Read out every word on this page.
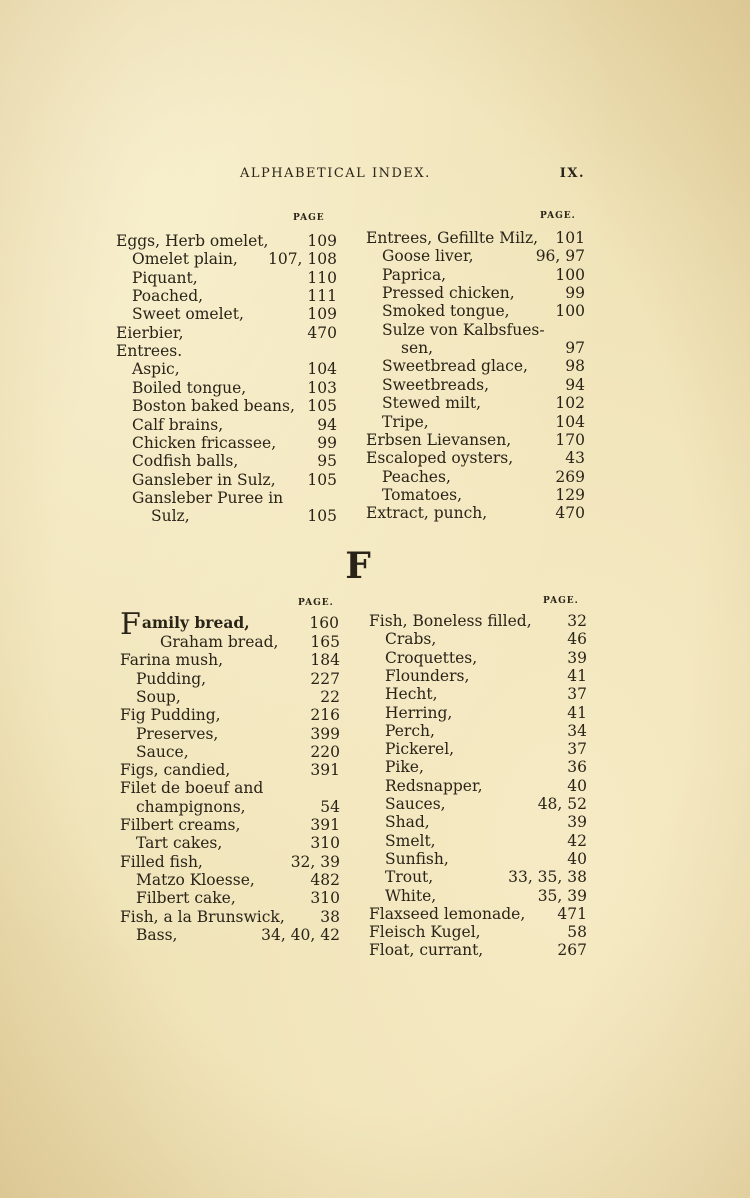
ALPHABETICAL INDEX.	IX.
PAGE	PAGE.
Eggs, Herb omelet,	109
Omelet plain, 107, 108
Piquant,	110
Poached,	111
Sweet omelet,	109
Eierbier,	470
Entrees.
Aspic,	104
Boiled tongue,	103
Boston baked beans, 105
Calf brains,	94
Chicken fricassee,	99
Codfish balls,	95
Gansleber in Sulz, 105
Gansleber Puree in
Sulz,	105
Entrees, Gefillte Milz, 101
Goose liver,	96, 97
Paprica,	100
Pressed chicken,	99
Smoked tongue,	100
Sulze von Kalbsfues-
sen,	97
Sweetbread glace, 98
Sweetbreads,	94
Stewed milt,	102
Tripe,	104
Erbsen Lievansen,	170
Escaloped oysters,	43
Peaches,	269
Tomatoes,	129
Extract, punch,	470
F
PAGE.	PAGE.
Family bread,	160
Graham bread, 165
Farina mush,	184
Pudding,	227
Soup,	22
Fig Pudding,	216
Preserves,	399
Sauce,	220
Figs, candied,	391
Filet de boeuf and
champignons,	54
Filbert creams,	391
Tart cakes,	310
Filled fish,	32, 39
Matzo Kloesse,	482
Filbert cake,	310
Fish, a la Brunswick, 38
Bass,	34, 40, 42
Fish, Boneless filled, 32
Crabs,	46
Croquettes,	39
Flounders,	41
Hecht,	37
Herring,	41
Perch,	34
Pickerel,	37
Pike,	36
Redsnapper,	40
Sauces,	48, 52
Shad,	39
Smelt,	42
Sunfish,	40
Trout,	33, 35, 38
White,	35, 39
Flaxseed lemonade, 471
Fleisch Kugel,	58
Float, currant,	267
